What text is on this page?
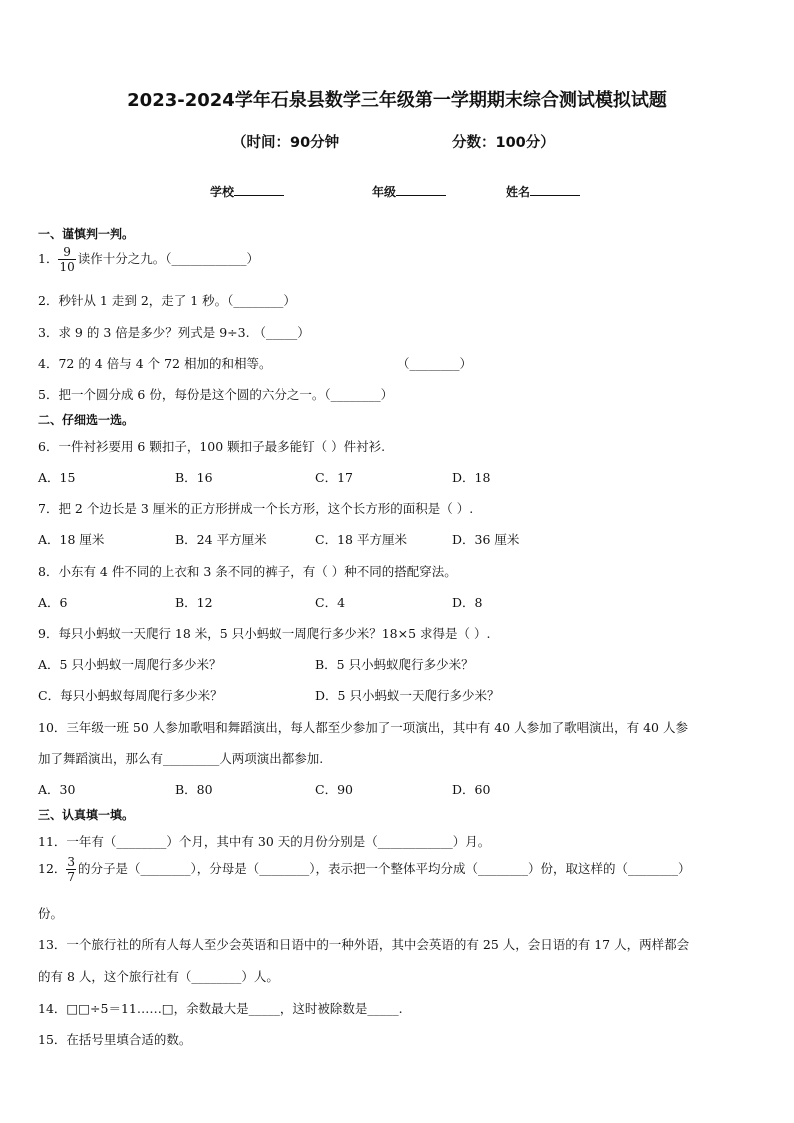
2023-2024学年石泉县数学三年级第一学期期末综合测试模拟试题
（时间：90分钟	分数：100分）
学校	年级	姓名
一、谨慎判一判。
1． $\frac{9}{10}$ 读作十分之九。（____________）
2．秒针从 1 走到 2，走了 1 秒。（________）
3．求 9 的 3 倍是多少？列式是 9÷3. （_____）
4．72 的 4 倍与 4 个 72 相加的和相等。	（________）
5．把一个圆分成 6 份，每份是这个圆的六分之一。（________）
二、仔细选一选。
6．一件衬衫要用 6 颗扣子，100 颗扣子最多能钉（ ）件衬衫.
A．15	B．16	C．17	D．18
7．把 2 个边长是 3 厘米的正方形拼成一个长方形，这个长方形的面积是（ ）.
A．18 厘米	B．24 平方厘米	C．18 平方厘米	D．36 厘米
8．小东有 4 件不同的上衣和 3 条不同的裤子，有（ ）种不同的搭配穿法。
A．6	B．12	C．4	D．8
9．每只小蚂蚁一天爬行 18 米，5 只小蚂蚁一周爬行多少米？18×5 求得是（ ）.
A．5 只小蚂蚁一周爬行多少米？	B．5 只小蚂蚁爬行多少米？
C．每只小蚂蚁每周爬行多少米？	D．5 只小蚂蚁一天爬行多少米？
10．三年级一班 50 人参加歌唱和舞蹈演出，每人都至少参加了一项演出，其中有 40 人参加了歌唱演出，有 40 人参
加了舞蹈演出，那么有_________人两项演出都参加.
A．30	B．80	C．90	D．60
三、认真填一填。
11．一年有（________）个月，其中有 30 天的月份分别是（____________）月。
12． $\frac{3}{7}$ 的分子是（________），分母是（________），表示把一个整体平均分成（________）份，取这样的（________）
份。
13．一个旅行社的所有人每人至少会英语和日语中的一种外语，其中会英语的有 25 人，会日语的有 17 人，两样都会
的有 8 人，这个旅行社有（________）人。
14．□□÷5＝11……□，余数最大是_____，这时被除数是_____.
15．在括号里填合适的数。
